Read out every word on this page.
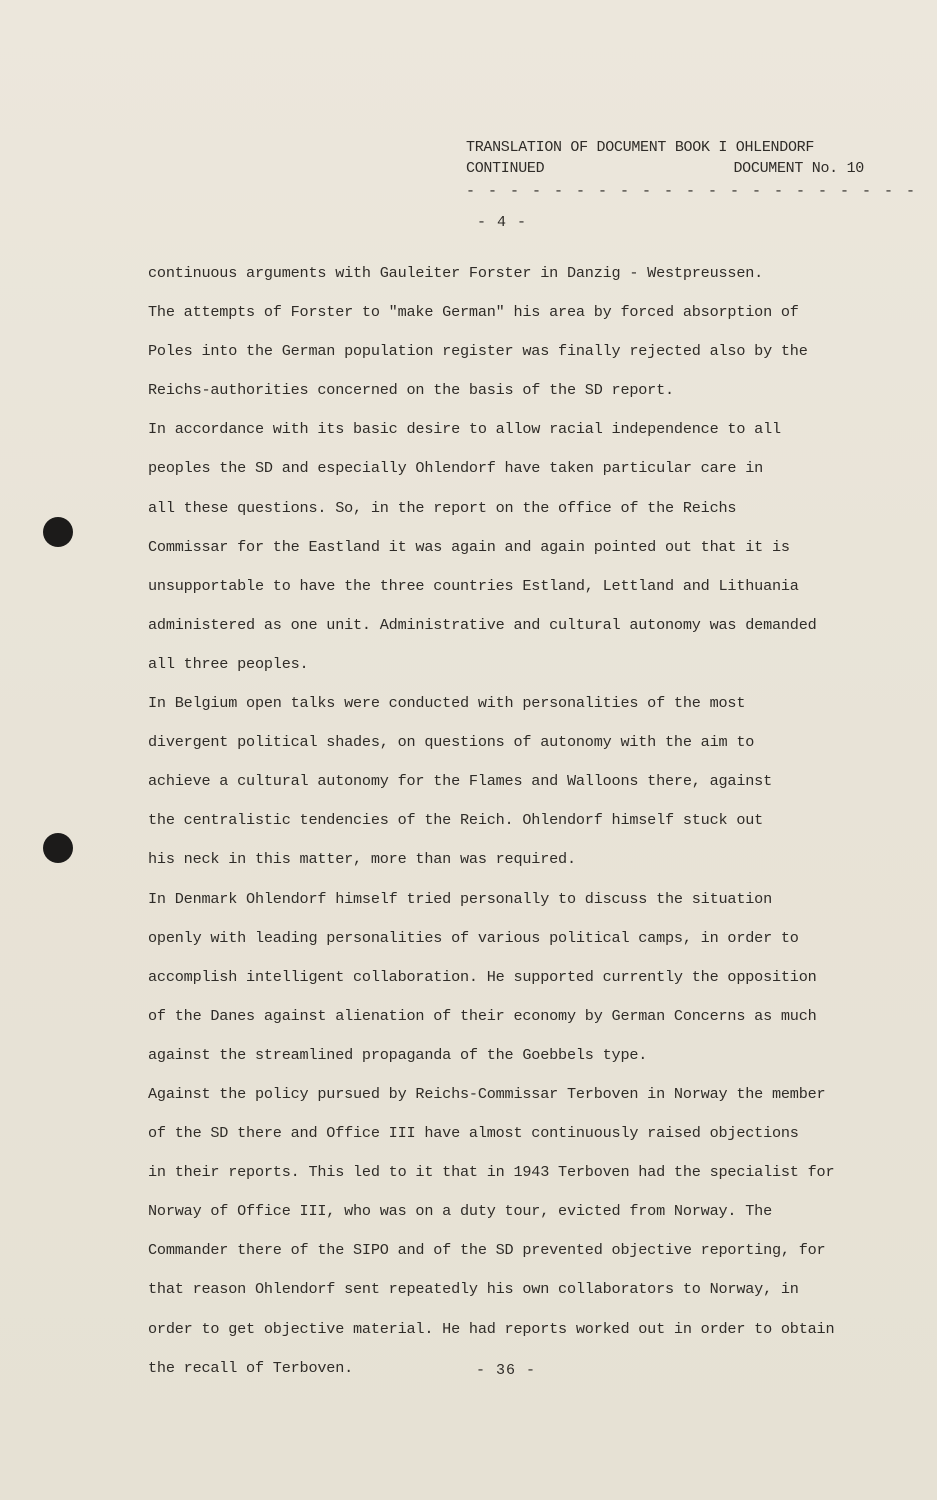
TRANSLATION OF DOCUMENT BOOK I OHLENDORF
CONTINUED	DOCUMENT No. 10
- - - - - - - - - - - - - - - - - - - - -
- 4 -
continuous arguments with Gauleiter Forster in Danzig - Westpreussen.
The attempts of Forster to "make German" his area by forced absorption of
Poles into the German population register was finally rejected also by the
Reichs-authorities concerned on the basis of the SD report.
In accordance with its basic desire to allow racial independence to all
peoples the SD and especially Ohlendorf have taken particular care in
all these questions. So, in the report on the office of the Reichs
Commissar for the Eastland it was again and again pointed out that it is
unsupportable to have the three countries Estland, Lettland and Lithuania
administered as one unit. Administrative and cultural autonomy was demanded
all three peoples.
In Belgium open talks were conducted with personalities of the most
divergent political shades, on questions of autonomy with the aim to
achieve a cultural autonomy for the Flames and Walloons there, against
the centralistic tendencies of the Reich. Ohlendorf himself stuck out
his neck in this matter, more than was required.
In Denmark Ohlendorf himself tried personally to discuss the situation
openly with leading personalities of various political camps, in order to
accomplish intelligent collaboration. He supported currently the opposition
of the Danes against alienation of their economy by German Concerns as much
against the streamlined propaganda of the Goebbels type.
Against the policy pursued by Reichs-Commissar Terboven in Norway the member
of the SD there and Office III have almost continuously raised objections
in their reports. This led to it that in 1943 Terboven had the specialist for
Norway of Office III, who was on a duty tour, evicted from Norway. The
Commander there of the SIPO and of the SD prevented objective reporting, for
that reason Ohlendorf sent repeatedly his own collaborators to Norway, in
order to get objective material. He had reports worked out in order to obtain
the recall of Terboven.	- 36 -
